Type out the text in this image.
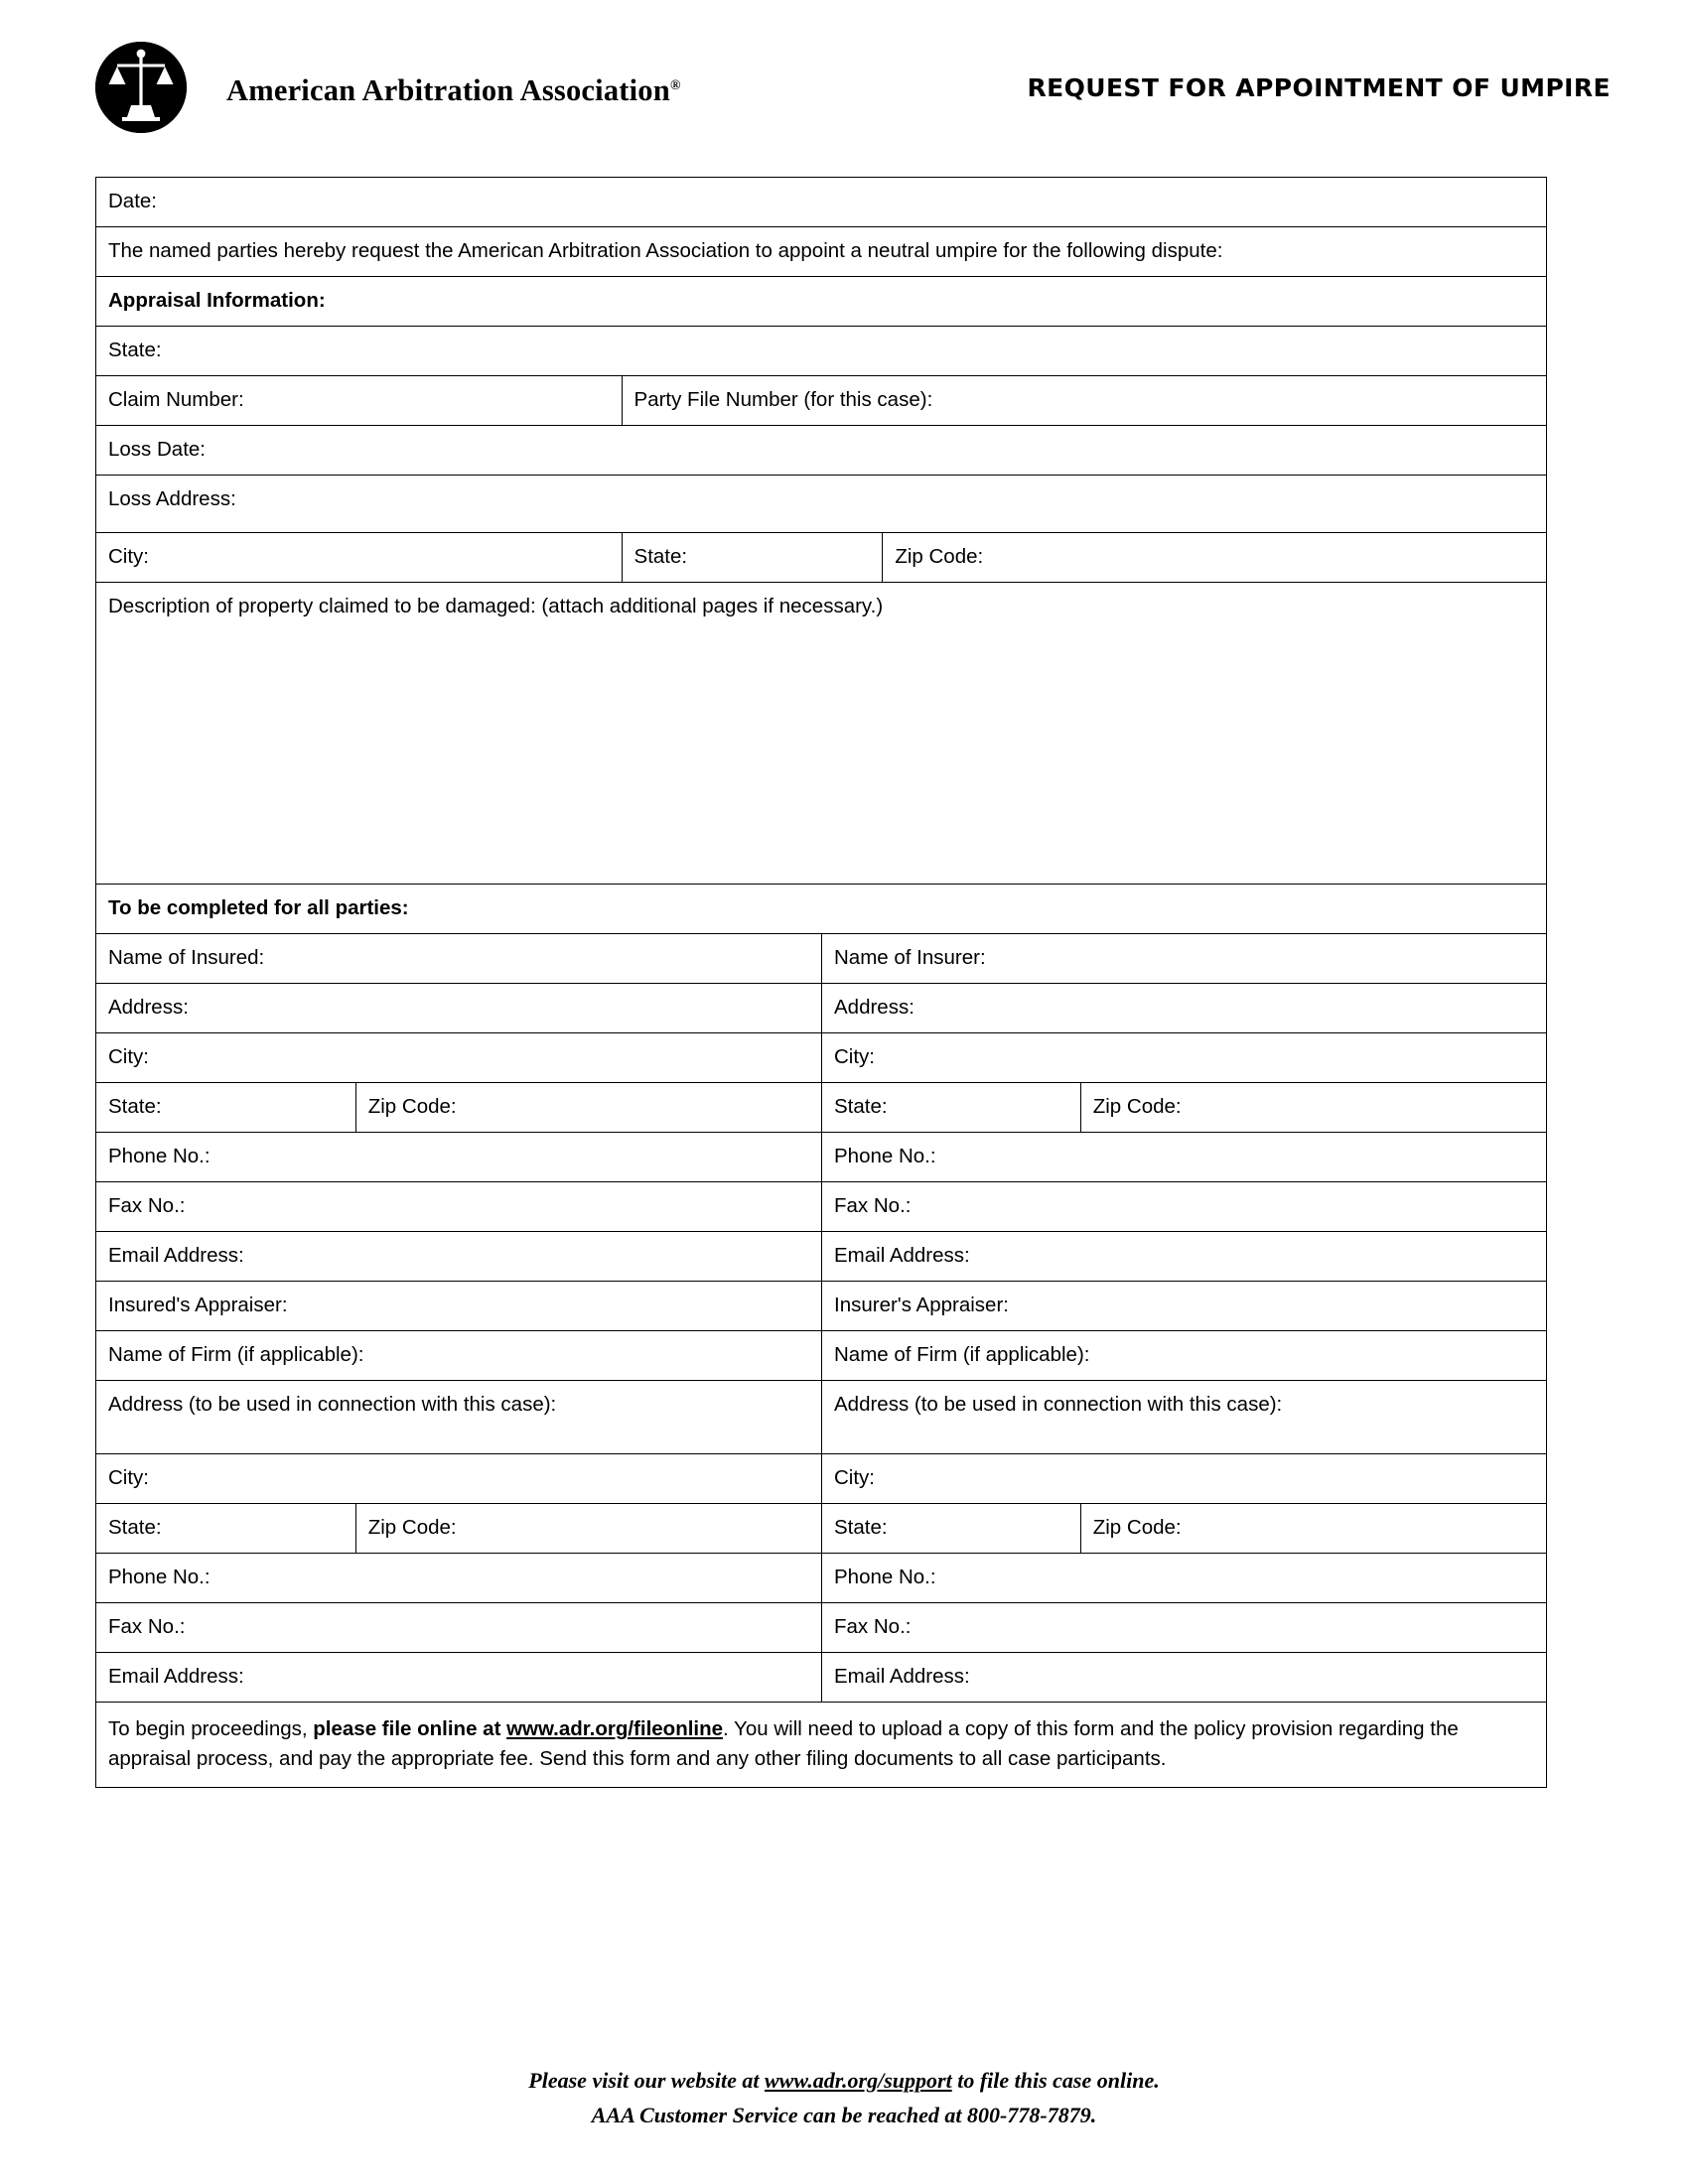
American Arbitration Association®	REQUEST FOR APPOINTMENT OF UMPIRE
Date:
The named parties hereby request the American Arbitration Association to appoint a neutral umpire for the following dispute:
Appraisal Information:
State:
Claim Number:	Party File Number (for this case):
Loss Date:
Loss Address:
City:	State:	Zip Code:
Description of property claimed to be damaged: (attach additional pages if necessary.)
To be completed for all parties:
Name of Insured:	Name of Insurer:
Address:	Address:
City:	City:
State:	Zip Code:	State:	Zip Code:
Phone No.:	Phone No.:
Fax No.:	Fax No.:
Email Address:	Email Address:
Insured's Appraiser:	Insurer's Appraiser:
Name of Firm (if applicable):	Name of Firm (if applicable):
Address (to be used in connection with this case):	Address (to be used in connection with this case):
City:	City:
State:	Zip Code:	State:	Zip Code:
Phone No.:	Phone No.:
Fax No.:	Fax No.:
Email Address:	Email Address:
To begin proceedings, please file online at www.adr.org/fileonline. You will need to upload a copy of this form and the policy provision regarding the appraisal process, and pay the appropriate fee. Send this form and any other filing documents to all case participants.
Please visit our website at www.adr.org/support to file this case online.
AAA Customer Service can be reached at 800-778-7879.
